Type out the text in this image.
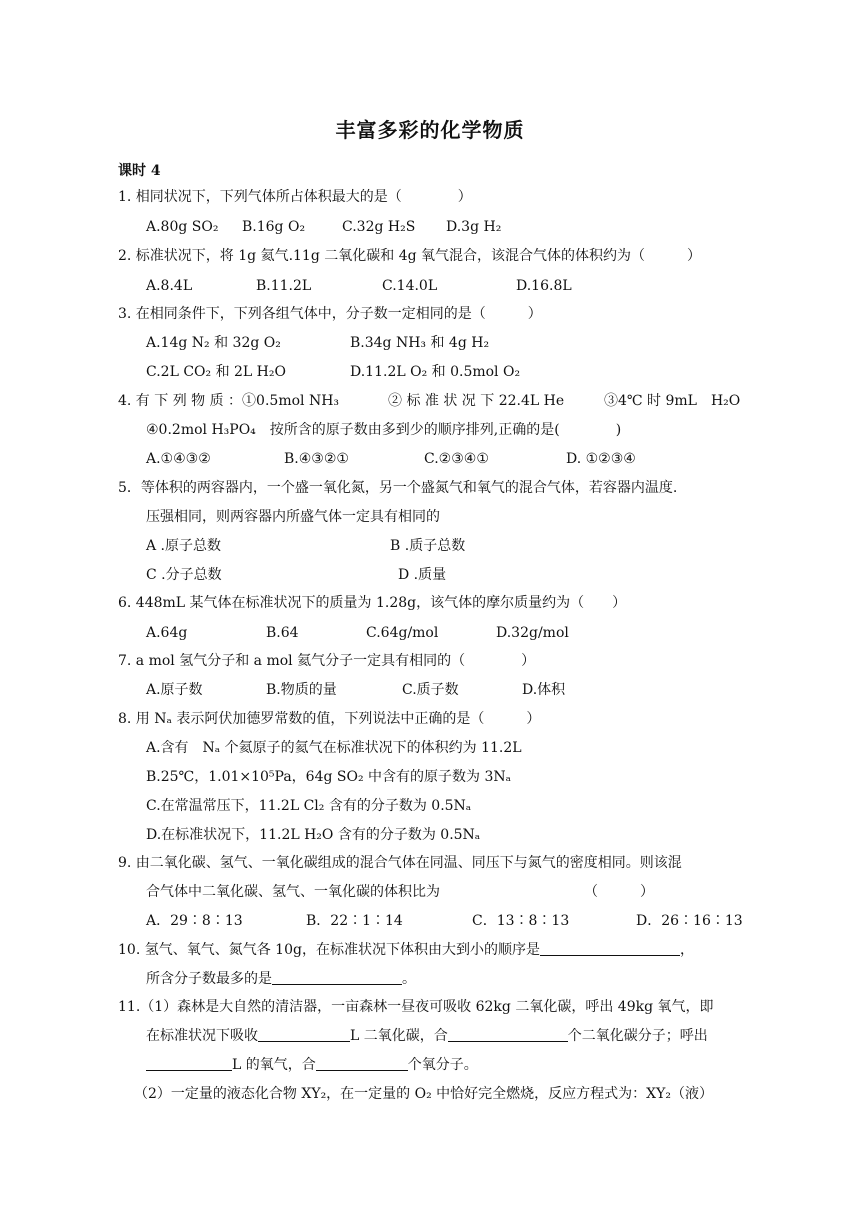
丰富多彩的化学物质
课时 4
1. 相同状况下，下列气体所占体积最大的是（　　　　）
A.80g SO₂ B.16g O₂	C.32g H₂S D.3g H₂
2. 标准状况下，将 1g 氦气.11g 二氧化碳和 4g 氧气混合，该混合气体的体积约为（　　　）
A.8.4L	B.11.2L	C.14.0L	D.16.8L
3. 在相同条件下，下列各组气体中，分子数一定相同的是（　　　）
A.14g N₂ 和 32g O₂	B.34g NH₃ 和 4g H₂
C.2L CO₂ 和 2L H₂O	D.11.2L O₂ 和 0.5mol O₂
4. 有 下 列 物 质 ：①0.5mol NH₃	② 标 准 状 况 下 22.4L He	③4℃ 时 9mL　H₂O
④0.2mol H₃PO₄　按所含的原子数由多到少的顺序排列,正确的是(　　　　)
A.①④③②	B.④③②①	C.②③④①	D. ①②③④
5．等体积的两容器内，一个盛一氧化氮，另一个盛氮气和氧气的混合气体，若容器内温度.
压强相同，则两容器内所盛气体一定具有相同的
A .原子总数	B .质子总数
C .分子总数	D .质量
6. 448mL 某气体在标准状况下的质量为 1.28g，该气体的摩尔质量约为（　　）
A.64g	B.64	C.64g/mol	D.32g/mol
7. a mol 氢气分子和 a mol 氦气分子一定具有相同的（　　　　）
A.原子数	B.物质的量	C.质子数	D.体积
8. 用 Nₐ 表示阿伏加德罗常数的值，下列说法中正确的是（　　　）
A.含有　Nₐ 个氦原子的氦气在标准状况下的体积约为 11.2L
B.25℃，1.01×10⁵Pa，64g SO₂ 中含有的原子数为 3Nₐ
C.在常温常压下，11.2L Cl₂ 含有的分子数为 0.5Nₐ
D.在标准状况下，11.2L H₂O 含有的分子数为 0.5Nₐ
9. 由二氧化碳、氢气、一氧化碳组成的混合气体在同温、同压下与氮气的密度相同。则该混
合气体中二氧化碳、氢气、一氧化碳的体积比为	（　　　）
A．29∶8∶13	B．22∶1∶14	C．13∶8∶13	D．26∶16∶13
10. 氢气、氧气、氮气各 10g，在标准状况下体积由大到小的顺序是	，
所含分子数最多的是	。
11.（1）森林是大自然的清洁器，一亩森林一昼夜可吸收 62kg 二氧化碳，呼出 49kg 氧气，即
在标准状况下吸收	L 二氧化碳，合	个二氧化碳分子；呼出
L 的氧气，合	个氧分子。
（2）一定量的液态化合物 XY₂，在一定量的 O₂ 中恰好完全燃烧，反应方程式为：XY₂（液）
